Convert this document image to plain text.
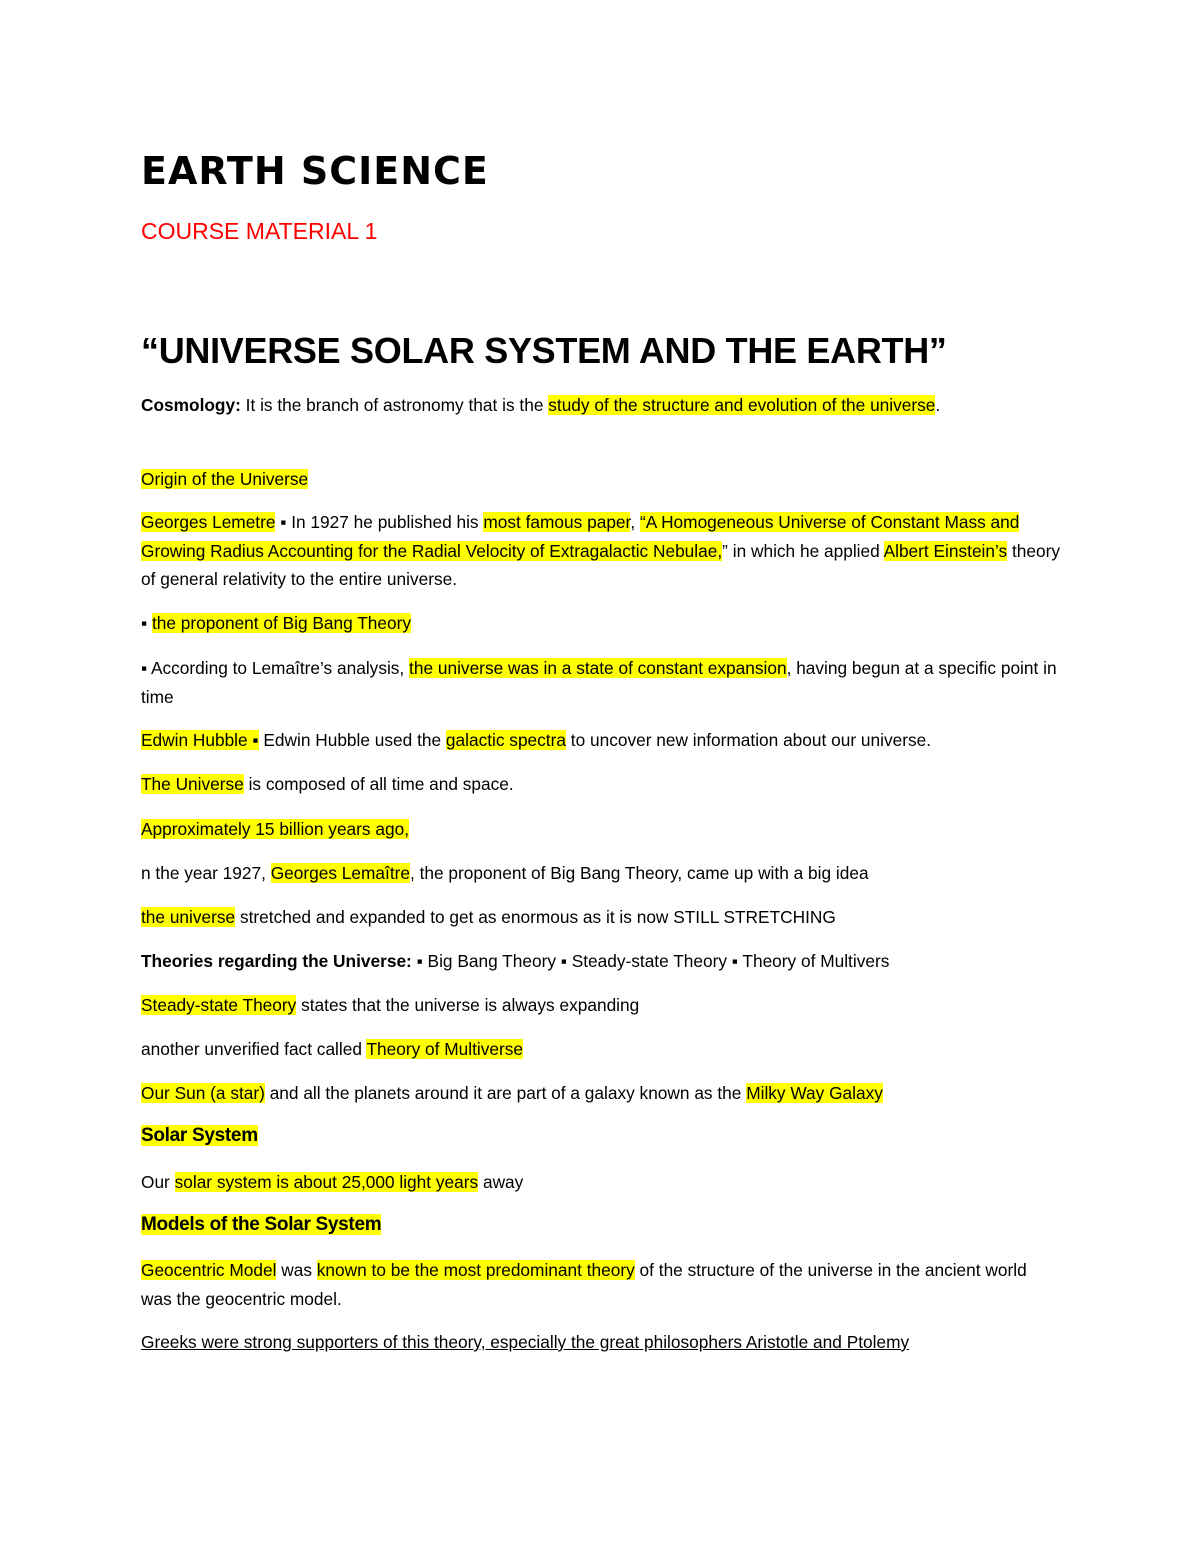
EARTH SCIENCE

COURSE MATERIAL 1

“UNIVERSE SOLAR SYSTEM AND THE EARTH”

Cosmology: It is the branch of astronomy that is the study of the structure and evolution of the universe.

Origin of the Universe

Georges Lemetre ▪ In 1927 he published his most famous paper, “A Homogeneous Universe of Constant Mass and Growing Radius Accounting for the Radial Velocity of Extragalactic Nebulae,” in which he applied Albert Einstein’s theory of general relativity to the entire universe.

▪ the proponent of Big Bang Theory

▪ According to Lemaître’s analysis, the universe was in a state of constant expansion, having begun at a specific point in time

Edwin Hubble ▪ Edwin Hubble used the galactic spectra to uncover new information about our universe.

The Universe is composed of all time and space.

Approximately 15 billion years ago,

n the year 1927, Georges Lemaître, the proponent of Big Bang Theory, came up with a big idea

the universe stretched and expanded to get as enormous as it is now STILL STRETCHING

Theories regarding the Universe: ▪ Big Bang Theory ▪ Steady-state Theory ▪ Theory of Multivers

Steady-state Theory states that the universe is always expanding

another unverified fact called Theory of Multiverse

Our Sun (a star) and all the planets around it are part of a galaxy known as the Milky Way Galaxy

Solar System

Our solar system is about 25,000 light years away

Models of the Solar System

Geocentric Model was known to be the most predominant theory of the structure of the universe in the ancient world was the geocentric model.

Greeks were strong supporters of this theory, especially the great philosophers Aristotle and Ptolemy
